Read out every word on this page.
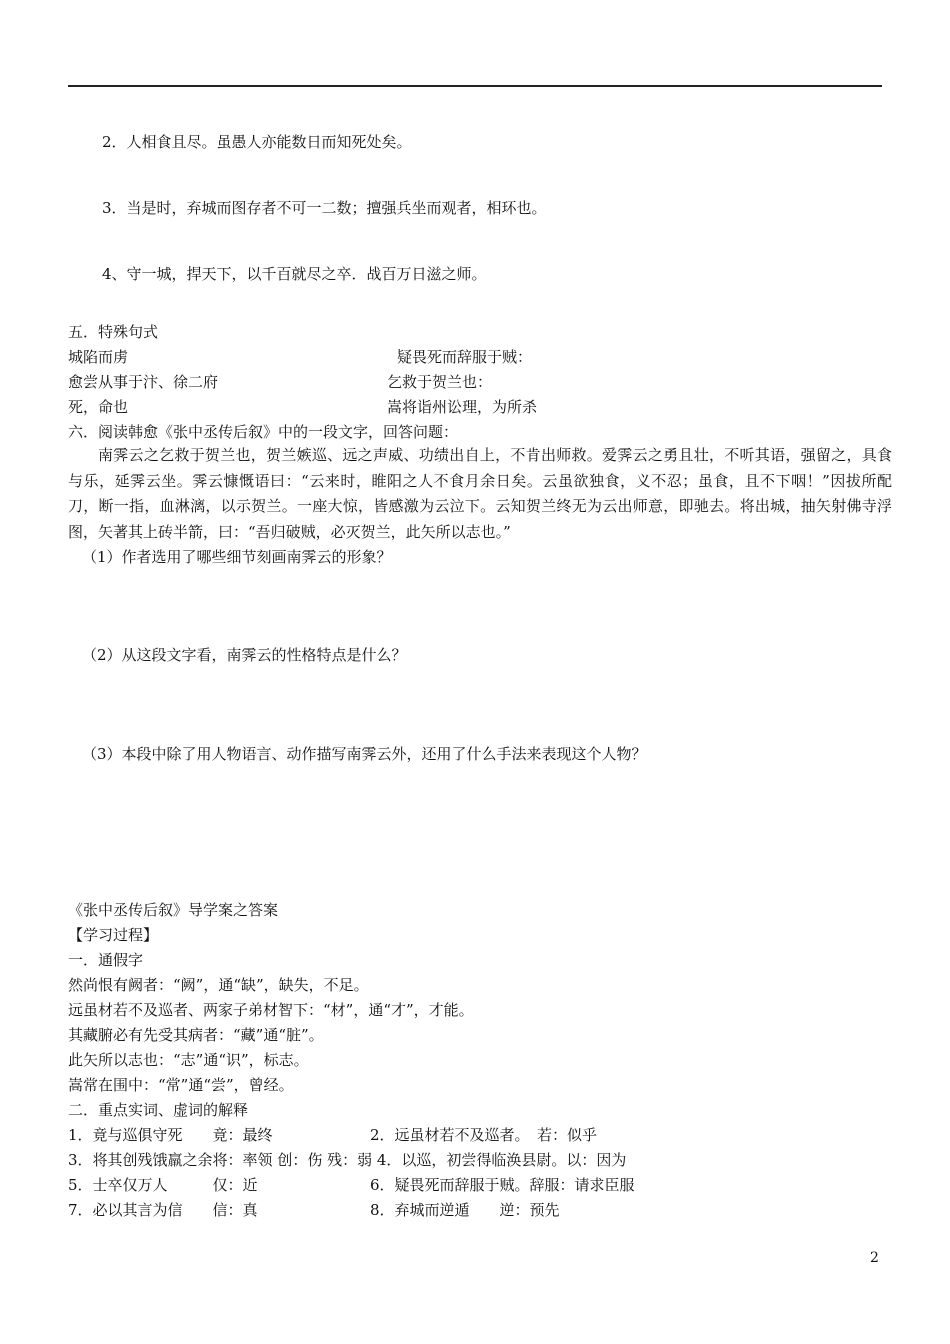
2．人相食且尽。虽愚人亦能数日而知死处矣。
3．当是时，弃城而图存者不可一二数；擅强兵坐而观者，相环也。
4、守一城，捍天下，以千百就尽之卒．战百万日滋之师。
五．特殊句式
城陷而虏	疑畏死而辞服于贼：
愈尝从事于汴、徐二府	乞救于贺兰也：
死，命也	嵩将诣州讼理，为所杀
六．阅读韩愈《张中丞传后叙》中的一段文字，回答问题：
南霁云之乞救于贺兰也，贺兰嫉巡、远之声威、功绩出自上，不肯出师救。爱霁云之勇且壮，不听其语，强留之，具食与乐，延霁云坐。霁云慷慨语曰：“云来时，睢阳之人不食月余日矣。云虽欲独食，义不忍；虽食，且不下咽！”因拔所配刀，断一指，血淋漓，以示贺兰。一座大惊，皆感激为云泣下。云知贺兰终无为云出师意，即驰去。将出城，抽矢射佛寺浮图，矢著其上砖半箭，曰：“吾归破贼，必灭贺兰，此矢所以志也。”
（1）作者选用了哪些细节刻画南霁云的形象？
（2）从这段文字看，南霁云的性格特点是什么？
（3）本段中除了用人物语言、动作描写南霁云外，还用了什么手法来表现这个人物？
《张中丞传后叙》导学案之答案
【学习过程】
一．通假字
然尚恨有阙者：“阙”，通“缺”，缺失，不足。
远虽材若不及巡者、两家子弟材智下：“材”，通“才”，才能。
其藏腑必有先受其病者：“藏”通“脏”。
此矢所以志也：“志”通“识”，标志。
嵩常在围中：“常”通“尝”，曾经。
二．重点实词、虚词的解释
1．竟与巡俱守死　　竟：最终	2．远虽材若不及巡者。　若：似乎
3．将其创残饿羸之余将：率领 创：伤 残：弱 4．以巡，初尝得临涣县尉。以：因为
5．士卒仅万人　　　仅：近	6．疑畏死而辞服于贼。辞服：请求臣服
7．必以其言为信　　信：真	8．弃城而逆遁　　逆：预先
2
